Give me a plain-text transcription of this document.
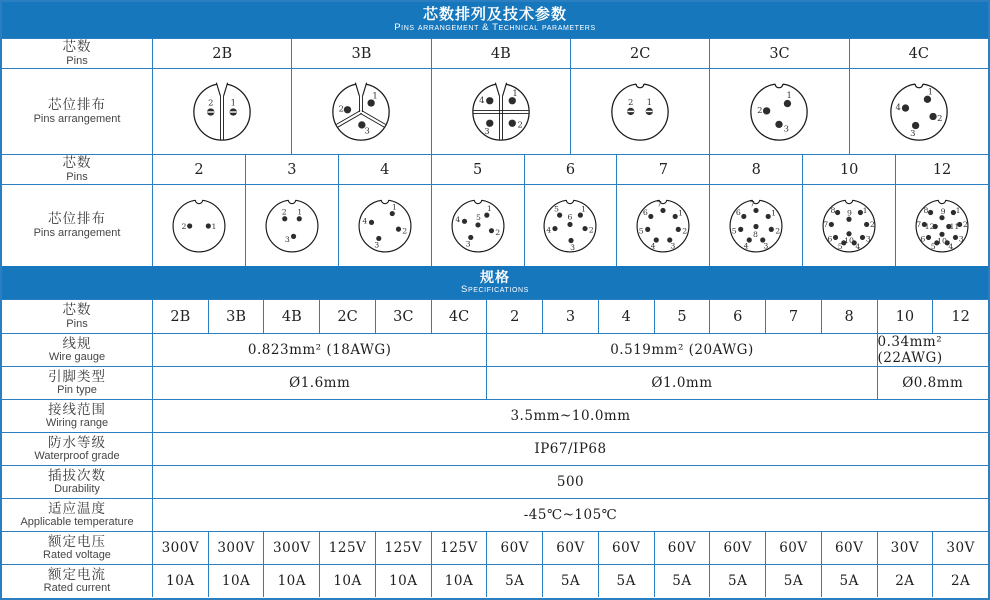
芯数排列及技术参数
Pins arrangement & Technical parameters
芯数
Pins	2B	3B	4B	2C	3C	4C
芯位排布
Pins arrangement
芯数
Pins	2	3	4	5	6	7	8	10	12
芯位排布
Pins arrangement
规格
Specifications
芯数
Pins	2B	3B	4B	2C	3C	4C	2	3	4	5	6	7	8	10	12
线规
Wire gauge	0.823mm² (18AWG)	0.519mm² (20AWG)	0.34mm² (22AWG)
引脚类型
Pin type	Ø1.6mm	Ø1.0mm	Ø0.8mm
接线范围
Wiring range	3.5mm~10.0mm
防水等级
Waterproof grade	IP67/IP68
插拔次数
Durability	500
适应温度
Applicable temperature	-45℃~105℃
额定电压
Rated voltage	300V	300V	300V	125V	125V	125V	60V	60V	60V	60V	60V	60V	60V	30V	30V
额定电流
Rated current	10A	10A	10A	10A	10A	10A	5A	5A	5A	5A	5A	5A	5A	2A	2A
